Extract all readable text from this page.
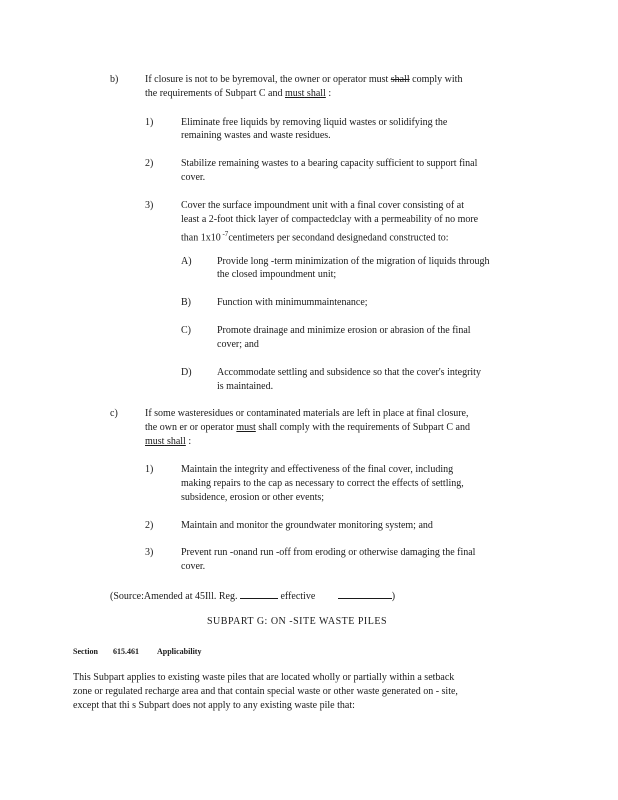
b)	If closure is not to be byremoval, the owner or operator must shall comply with
the requirements of Subpart C and must shall :
1)	Eliminate free liquids by removing liquid wastes or solidifying the
remaining wastes and waste residues.
2)	Stabilize remaining wastes to a bearing capacity sufficient to support final
cover.
3)	Cover the surface impoundment unit with a final cover consisting of at
least a 2-foot thick layer of compactedclay with a permeability of no more
than 1x10 $^{-7}$centimeters per secondand designedand constructed to:
A)	Provide long -term minimization of the migration of liquids through
the closed impoundment unit;
B)	Function with minimummaintenance;
C)	Promote drainage and minimize erosion or abrasion of the final
cover; and
D)	Accommodate settling and subsidence so that the cover's integrity
is maintained.
c)	If some wasteresidues or contaminated materials are left in place at final closure,
the own er or operator must shall comply with the requirements of Subpart C and
must shall :
1)	Maintain the integrity and effectiveness of the final cover, including
making repairs to the cap as necessary to correct the effects of settling,
subsidence, erosion or other events;
2)	Maintain and monitor the groundwater monitoring system; and
3)	Prevent run -onand run -off from eroding or otherwise damaging the final
cover.
(Source:Amended at 45Ill. Reg.	effective	)
SUBPART G: ON -SITE WASTE PILES
Section 615.461 Applicability
This Subpart applies to existing waste piles that are located wholly or partially within a setback
zone or regulated recharge area and that contain special waste or other waste generated on - site,
except that thi s Subpart does not apply to any existing waste pile that:
